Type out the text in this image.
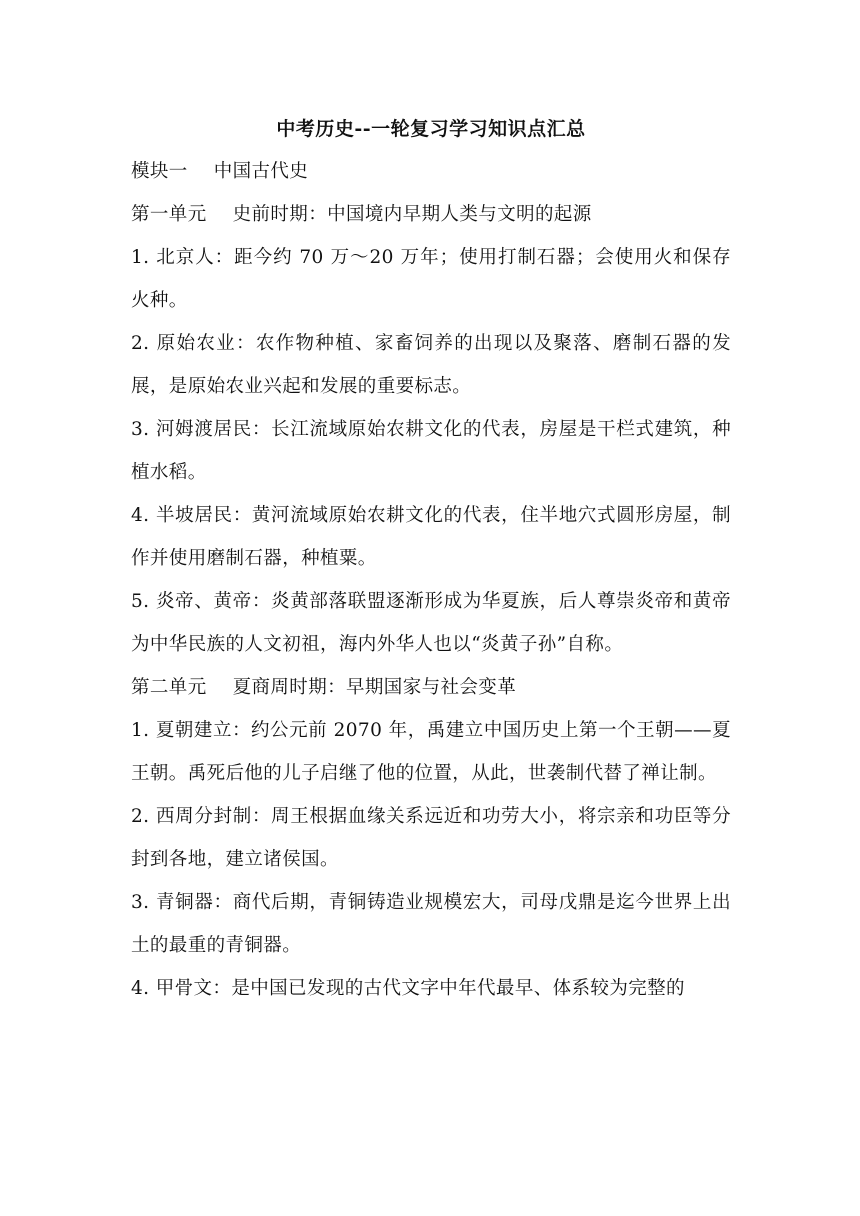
中考历史--一轮复习学习知识点汇总

模块一 中国古代史

第一单元 史前时期：中国境内早期人类与文明的起源

1. 北京人：距今约 70 万～20 万年；使用打制石器；会使用火和保存火种。

2. 原始农业：农作物种植、家畜饲养的出现以及聚落、磨制石器的发展，是原始农业兴起和发展的重要标志。

3. 河姆渡居民：长江流域原始农耕文化的代表，房屋是干栏式建筑，种植水稻。

4. 半坡居民：黄河流域原始农耕文化的代表，住半地穴式圆形房屋，制作并使用磨制石器，种植粟。

5. 炎帝、黄帝：炎黄部落联盟逐渐形成为华夏族，后人尊崇炎帝和黄帝为中华民族的人文初祖，海内外华人也以“炎黄子孙”自称。

第二单元 夏商周时期：早期国家与社会变革

1. 夏朝建立：约公元前 2070 年，禹建立中国历史上第一个王朝——夏王朝。禹死后他的儿子启继了他的位置，从此，世袭制代替了禅让制。

2. 西周分封制：周王根据血缘关系远近和功劳大小，将宗亲和功臣等分封到各地，建立诸侯国。

3. 青铜器：商代后期，青铜铸造业规模宏大，司母戊鼎是迄今世界上出土的最重的青铜器。

4. 甲骨文：是中国已发现的古代文字中年代最早、体系较为完整的
